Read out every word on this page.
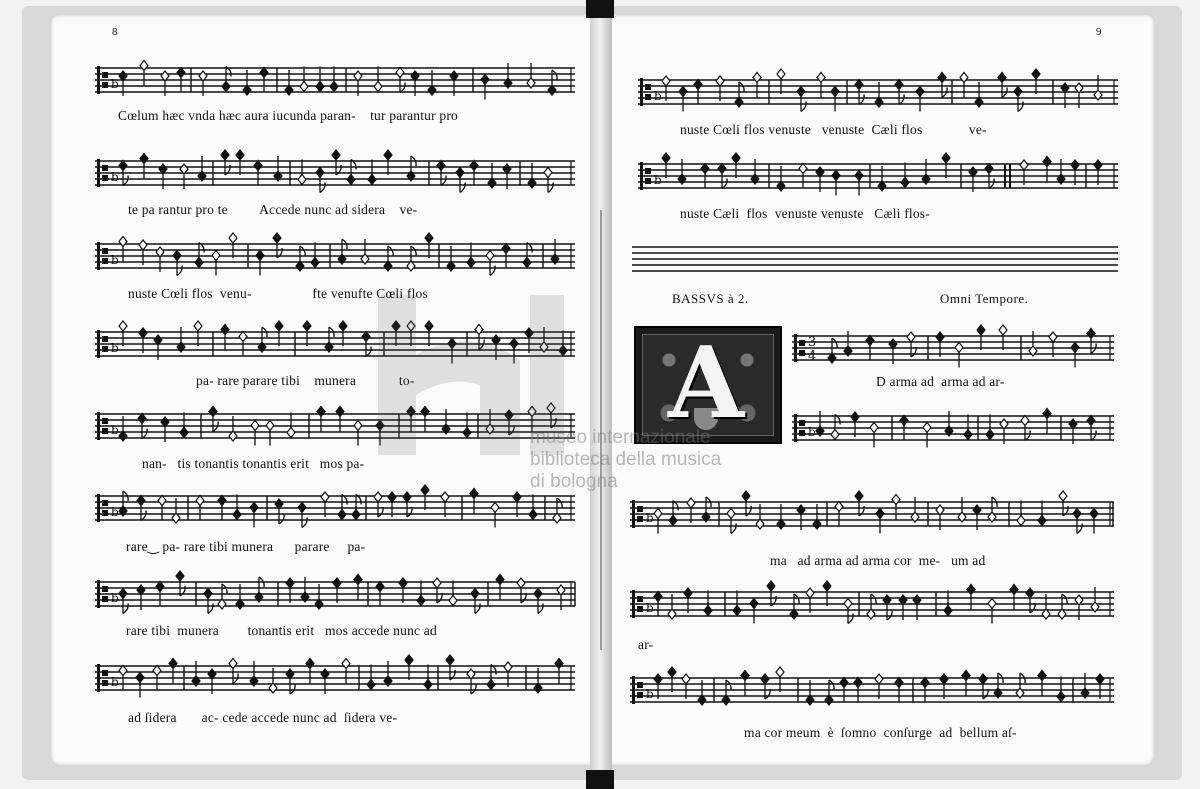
8	9
b
Cœlum hæc vnda hæc aura iucunda paran-    tur parantur pro
b
te pa rantur pro te         Accede nunc ad sidera    ve-
b
nuste Cœli flos  venu-                 fte venufte Cœli flos
b
pa- rare parare tibi    munera            to-
b
nan-   tis tonantis tonantis erit   mos pa-
b
rare‿ pa- rare tibi munera      parare     pa-
b
rare tibi  munera        tonantis erit   mos accede nunc ad
b
ad ſidera       ac- cede accede nunc ad  ſidera ve-
b
nuste Cœli flos venuste   venuste  Cæli flos             ve-
b
nuste Cæli  flos  venuste venuste   Cæli flos-
BASSVS à 2.	Omni Tempore.
A	3
4
D arma ad  arma ad ar-
b
b
ma   ad arma ad arma cor  me-   um ad
b
ar-
b
ma cor meum  è  ſomno  conſurge  ad  bellum aſ-
museo internazionale
biblioteca della musica
di bologna
